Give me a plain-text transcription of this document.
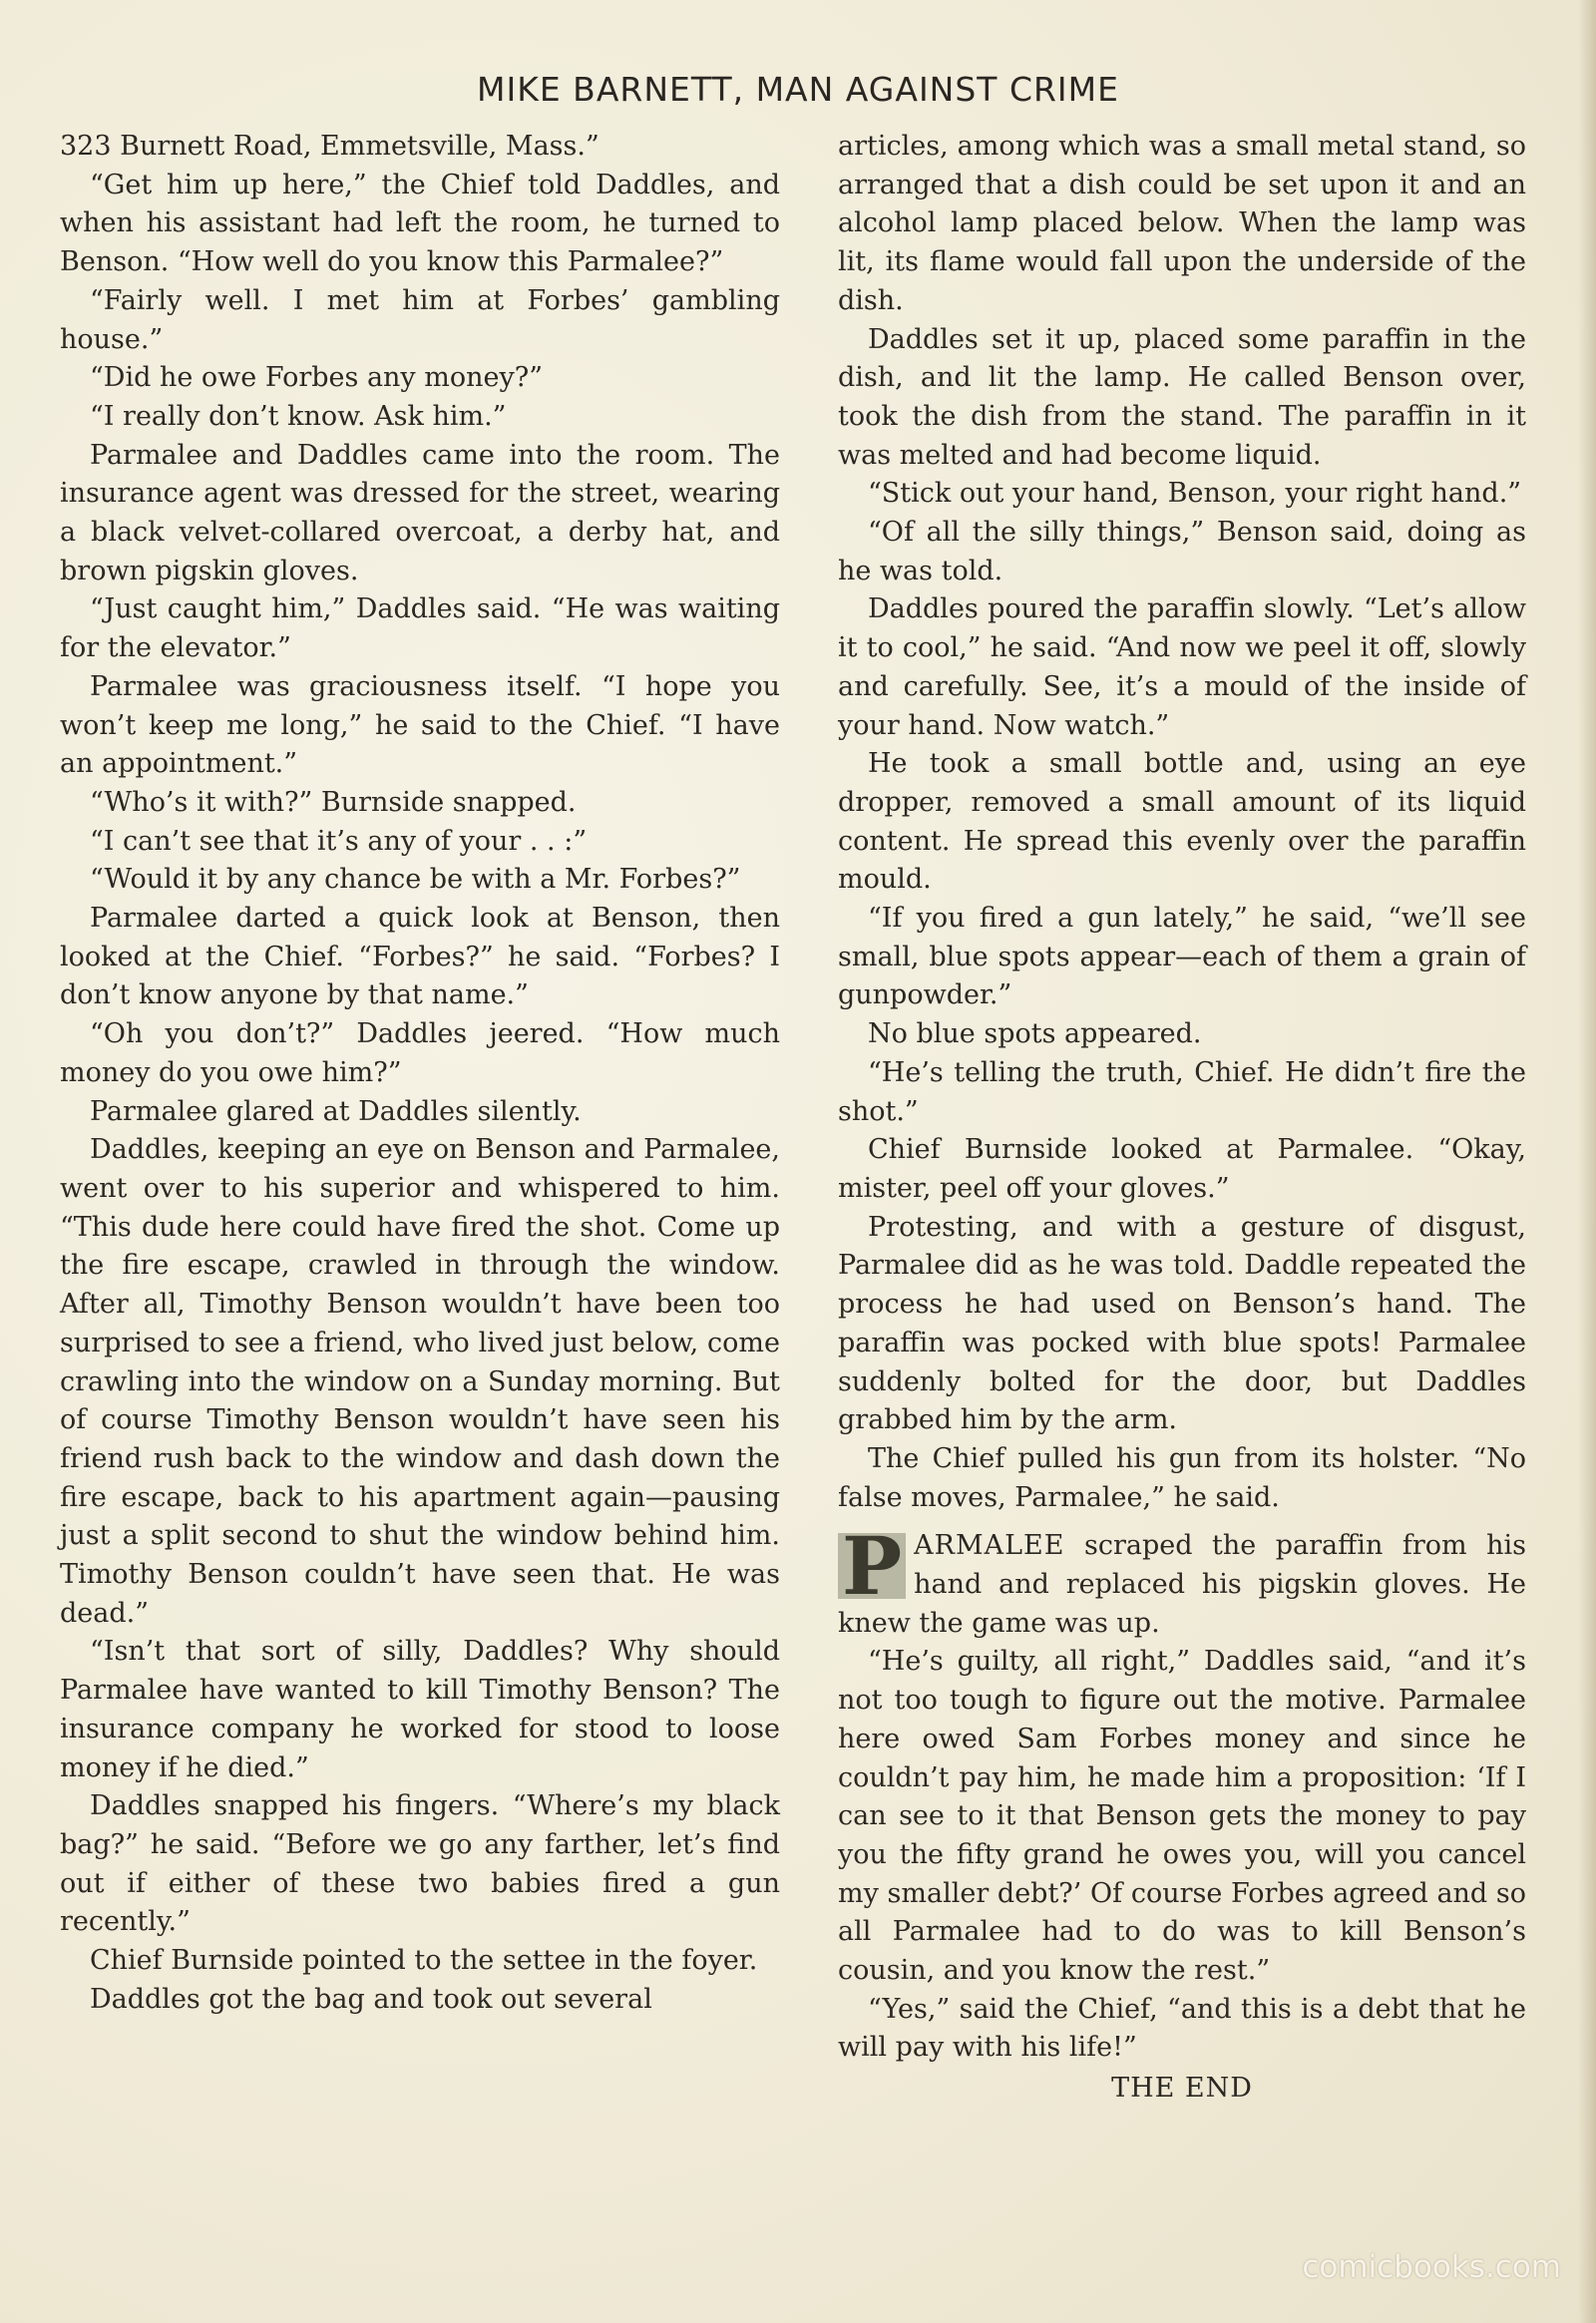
MIKE BARNETT, MAN AGAINST CRIME

323 Burnett Road, Emmetsville, Mass.”

“Get him up here,” the Chief told Daddles, and when his assistant had left the room, he turned to Benson. “How well do you know this Parmalee?”

“Fairly well. I met him at Forbes’ gambling house.”

“Did he owe Forbes any money?”

“I really don’t know. Ask him.”

Parmalee and Daddles came into the room. The insurance agent was dressed for the street, wearing a black velvet-collared overcoat, a derby hat, and brown pigskin gloves.

“Just caught him,” Daddles said. “He was waiting for the elevator.”

Parmalee was graciousness itself. “I hope you won’t keep me long,” he said to the Chief. “I have an appointment.”

“Who’s it with?” Burnside snapped.

“I can’t see that it’s any of your . . :”

“Would it by any chance be with a Mr. Forbes?”

Parmalee darted a quick look at Benson, then looked at the Chief. “Forbes?” he said. “Forbes? I don’t know anyone by that name.”

“Oh you don’t?” Daddles jeered. “How much money do you owe him?”

Parmalee glared at Daddles silently.

Daddles, keeping an eye on Benson and Parmalee, went over to his superior and whispered to him. “This dude here could have fired the shot. Come up the fire escape, crawled in through the window. After all, Timothy Benson wouldn’t have been too surprised to see a friend, who lived just below, come crawling into the window on a Sunday morning. But of course Timothy Benson wouldn’t have seen his friend rush back to the window and dash down the fire escape, back to his apartment again—pausing just a split second to shut the window behind him. Timothy Benson couldn’t have seen that. He was dead.”

“Isn’t that sort of silly, Daddles? Why should Parmalee have wanted to kill Timothy Benson? The insurance company he worked for stood to loose money if he died.”

Daddles snapped his fingers. “Where’s my black bag?” he said. “Before we go any farther, let’s find out if either of these two babies fired a gun recently.”

Chief Burnside pointed to the settee in the foyer.

Daddles got the bag and took out several

articles, among which was a small metal stand, so arranged that a dish could be set upon it and an alcohol lamp placed below. When the lamp was lit, its flame would fall upon the underside of the dish.

Daddles set it up, placed some paraffin in the dish, and lit the lamp. He called Benson over, took the dish from the stand. The paraffin in it was melted and had become liquid.

“Stick out your hand, Benson, your right hand.”

“Of all the silly things,” Benson said, doing as he was told.

Daddles poured the paraffin slowly. “Let’s allow it to cool,” he said. “And now we peel it off, slowly and carefully. See, it’s a mould of the inside of your hand. Now watch.”

He took a small bottle and, using an eye dropper, removed a small amount of its liquid content. He spread this evenly over the paraffin mould.

“If you fired a gun lately,” he said, “we’ll see small, blue spots appear—each of them a grain of gunpowder.”

No blue spots appeared.

“He’s telling the truth, Chief. He didn’t fire the shot.”

Chief Burnside looked at Parmalee. “Okay, mister, peel off your gloves.”

Protesting, and with a gesture of disgust, Parmalee did as he was told. Daddle repeated the process he had used on Benson’s hand. The paraffin was pocked with blue spots! Parmalee suddenly bolted for the door, but Daddles grabbed him by the arm.

The Chief pulled his gun from its holster. “No false moves, Parmalee,” he said.

P ARMALEE scraped the paraffin from his hand and replaced his pigskin gloves. He knew the game was up.

“He’s guilty, all right,” Daddles said, “and it’s not too tough to figure out the motive. Parmalee here owed Sam Forbes money and since he couldn’t pay him, he made him a proposition: ‘If I can see to it that Benson gets the money to pay you the fifty grand he owes you, will you cancel my smaller debt?’ Of course Forbes agreed and so all Parmalee had to do was to kill Benson’s cousin, and you know the rest.”

“Yes,” said the Chief, “and this is a debt that he will pay with his life!”

THE END

comicbooks.com
